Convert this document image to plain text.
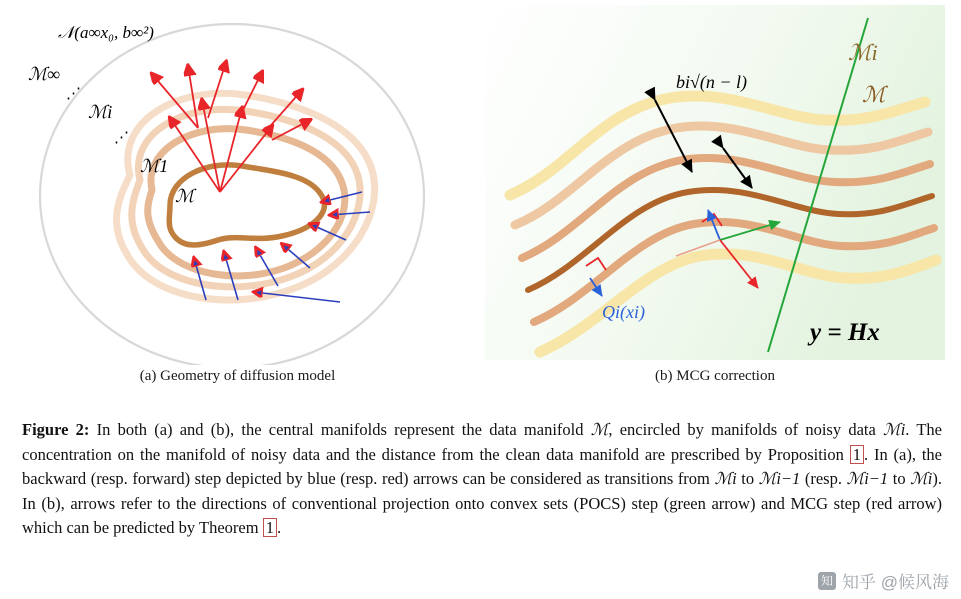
𝒩(a∞x₀, b∞²)
ℳ∞
⋰
ℳi
⋰
ℳ1
ℳ
(a) Geometry of diffusion model
bi√(n − l)
ℳi
ℳ
Qi(xi)
y = Hx
(b) MCG correction
Figure 2: In both (a) and (b), the central manifolds represent the data manifold ℳ, encircled by manifolds of noisy data ℳi. The concentration on the manifold of noisy data and the distance from the clean data manifold are prescribed by Proposition 1 . In (a), the backward (resp. forward) step depicted by blue (resp. red) arrows can be considered as transitions from ℳi to ℳi−1 (resp. ℳi−1 to ℳi). In (b), arrows refer to the directions of conventional projection onto convex sets (POCS) step (green arrow) and MCG step (red arrow) which can be predicted by Theorem 1 .
知 知乎 @候风海
